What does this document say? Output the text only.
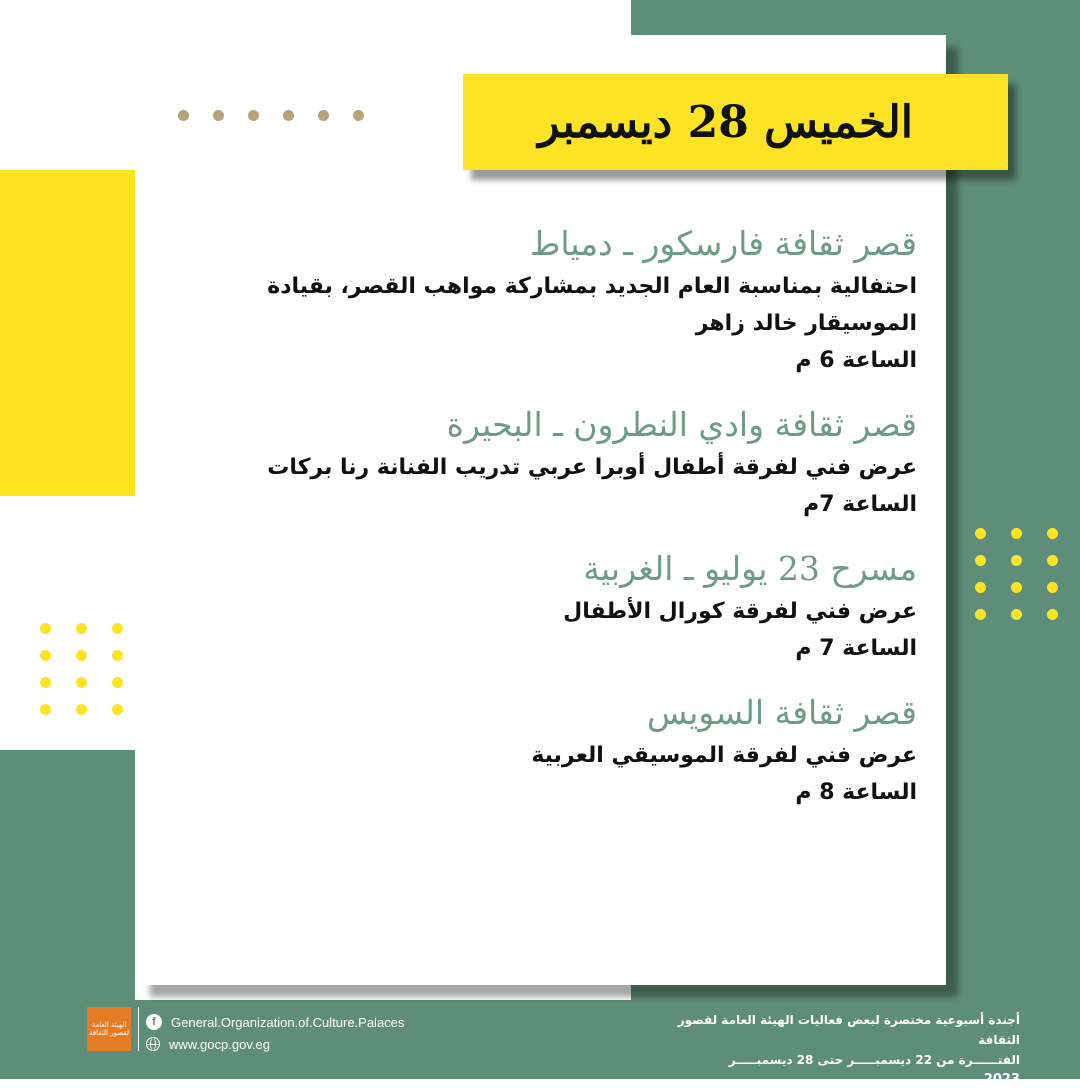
الخميس 28 ديسمبر
قصر ثقافة فارسكور ـ دمياط
احتفالية بمناسبة العام الجديد بمشاركة مواهب القصر، بقيادة
الموسيقار خالد زاهر
الساعة 6 م
قصر ثقافة وادي النطرون ـ البحيرة
عرض فني لفرقة أطفال أوبرا عربي تدريب الفنانة رنا بركات
الساعة 7م
مسرح 23 يوليو ـ الغربية
عرض فني لفرقة كورال الأطفال
الساعة 7 م
قصر ثقافة السويس
عرض فني لفرقة الموسيقي العربية
الساعة 8 م
الهيئة العامة لقصور الثقافة
f	General.Organization.of.Culture.Palaces
www.gocp.gov.eg
أجندة أسبوعية مختصرة لبعض فعاليات الهيئة العامة لقصور الثقافة
الفتــــــرة من 22 ديسمبـــــر حتى 28 ديسمبـــــر
2023
